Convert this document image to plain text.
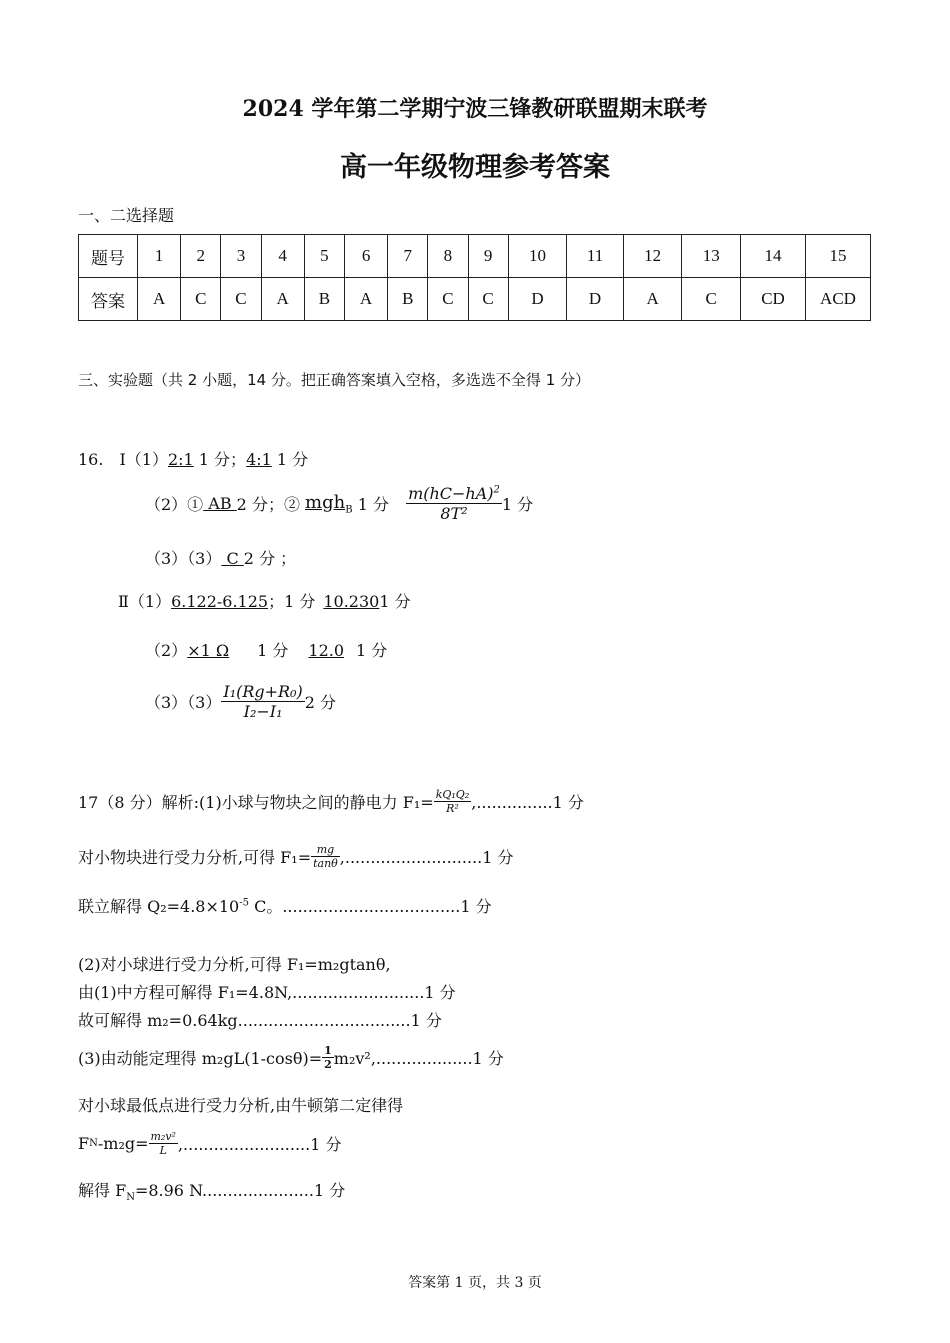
2024 学年第二学期宁波三锋教研联盟期末联考
高一年级物理参考答案
一、二选择题
题号	1	2	3	4	5	6	7	8	9	10	11	12	13	14	15
答案	A	C	C	A	B	A	B	C	C	D	D	A	C	CD	ACD
三、实验题（共 2 小题，14 分。把正确答案填入空格，多选选不全得 1 分）
16.　Ⅰ（1）2:1 1 分；4:1 1 分
（2）① AB 2 分；② mgh$_B$ 1 分 $\frac{m(hC-hA)^2}{\text{8T²}} 1$ 分
（3）（3） C 2 分 ；
Ⅱ（1）6.122-6.125；1 分 10.2301 分
（2）×1 Ω 1 分 12.0 1 分
$(3)(3) \frac{\text{I₁(Rg+R₀)}}{\text{I₂−I₁}} 2$ 分
17（8 分）解析:(1)小球与物块之间的静电力 $F_1= \frac{\text{kQ₁Q₂}}{\text{R²}} ,...............1$ 分
对小物块进行受力分析,可得 $F_1= \frac{mg}{\tan\theta} ,...........................1$ 分
联立解得 $Q_2=4.8\times 10^{-5}$ C。...................................1 分
(2)对小球进行受力分析,可得 F₁=m₂gtanθ,
由(1)中方程可解得 F₁=4.8N,..........................1 分
故可解得 m₂=0.64kg..................................1 分
(3)由动能定理得 $m_2gL(1-\cos\theta)= \frac{1}{2} m_2v^2,...................1$ 分
对小球最低点进行受力分析,由牛顿第二定律得
$FN-m_2g= \frac{\text{m₂v²}}{L} ,.........................1$ 分
解得 $F_N=8.96$ N......................1 分
答案第 1 页，共 3 页
